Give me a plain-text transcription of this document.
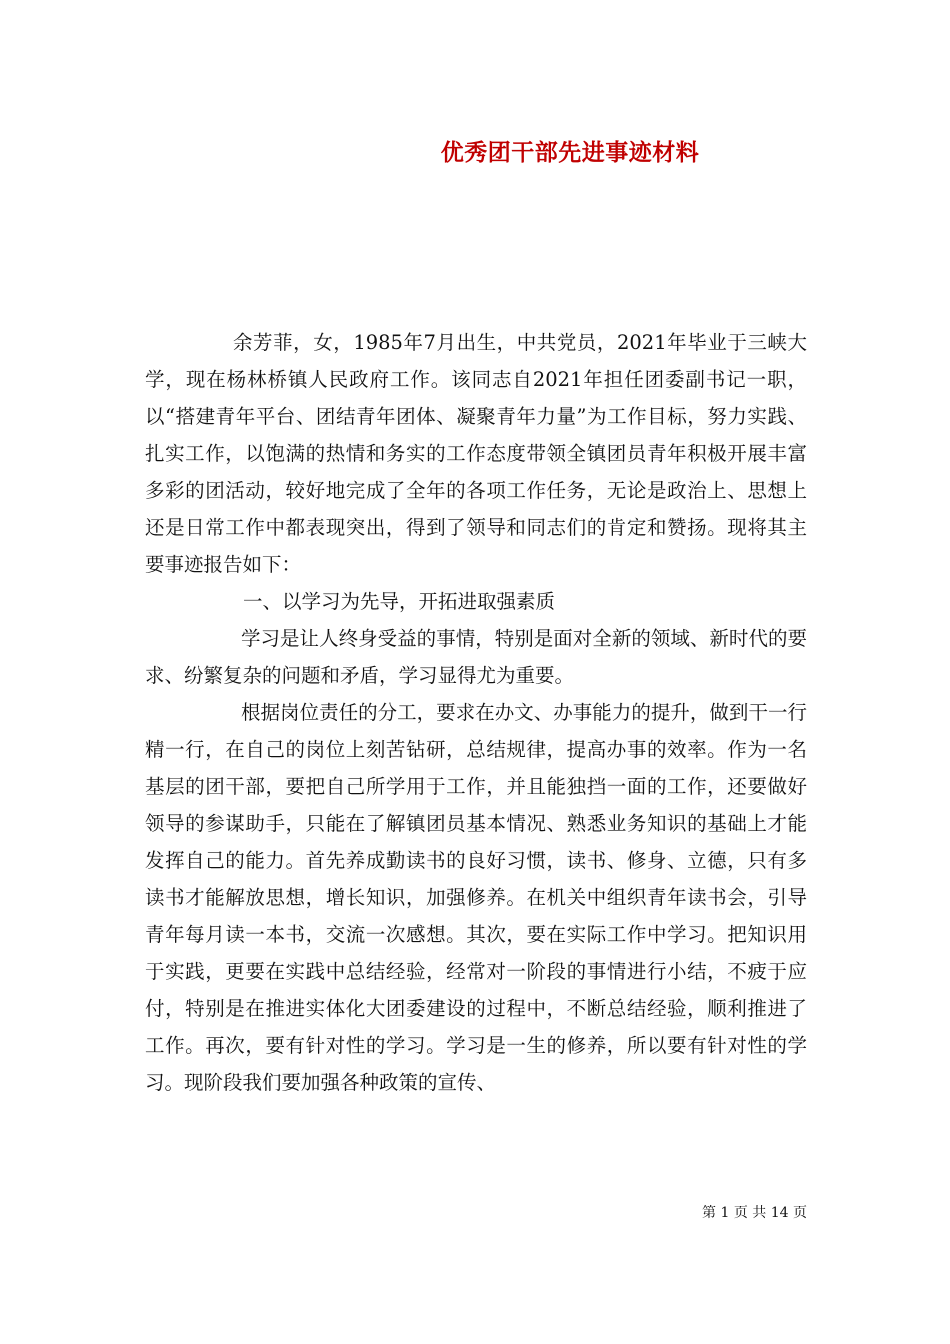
优秀团干部先进事迹材料

余芳菲，女，1985年7月出生，中共党员，2021年毕业于三峡大学，现在杨林桥镇人民政府工作。该同志自2021年担任团委副书记一职，以“搭建青年平台、团结青年团体、凝聚青年力量”为工作目标，努力实践、扎实工作，以饱满的热情和务实的工作态度带领全镇团员青年积极开展丰富多彩的团活动，较好地完成了全年的各项工作任务，无论是政治上、思想上还是日常工作中都表现突出，得到了领导和同志们的肯定和赞扬。现将其主要事迹报告如下：

一、以学习为先导，开拓进取强素质

学习是让人终身受益的事情，特别是面对全新的领域、新时代的要求、纷繁复杂的问题和矛盾，学习显得尤为重要。

根据岗位责任的分工，要求在办文、办事能力的提升，做到干一行精一行，在自己的岗位上刻苦钻研，总结规律，提高办事的效率。作为一名基层的团干部，要把自己所学用于工作，并且能独挡一面的工作，还要做好领导的参谋助手，只能在了解镇团员基本情况、熟悉业务知识的基础上才能发挥自己的能力。首先养成勤读书的良好习惯，读书、修身、立德，只有多读书才能解放思想，增长知识，加强修养。在机关中组织青年读书会，引导青年每月读一本书，交流一次感想。其次，要在实际工作中学习。把知识用于实践，更要在实践中总结经验，经常对一阶段的事情进行小结，不疲于应付，特别是在推进实体化大团委建设的过程中，不断总结经验，顺利推进了工作。再次，要有针对性的学习。学习是一生的修养，所以要有针对性的学习。现阶段我们要加强各种政策的宣传、

第 1 页 共 14 页
